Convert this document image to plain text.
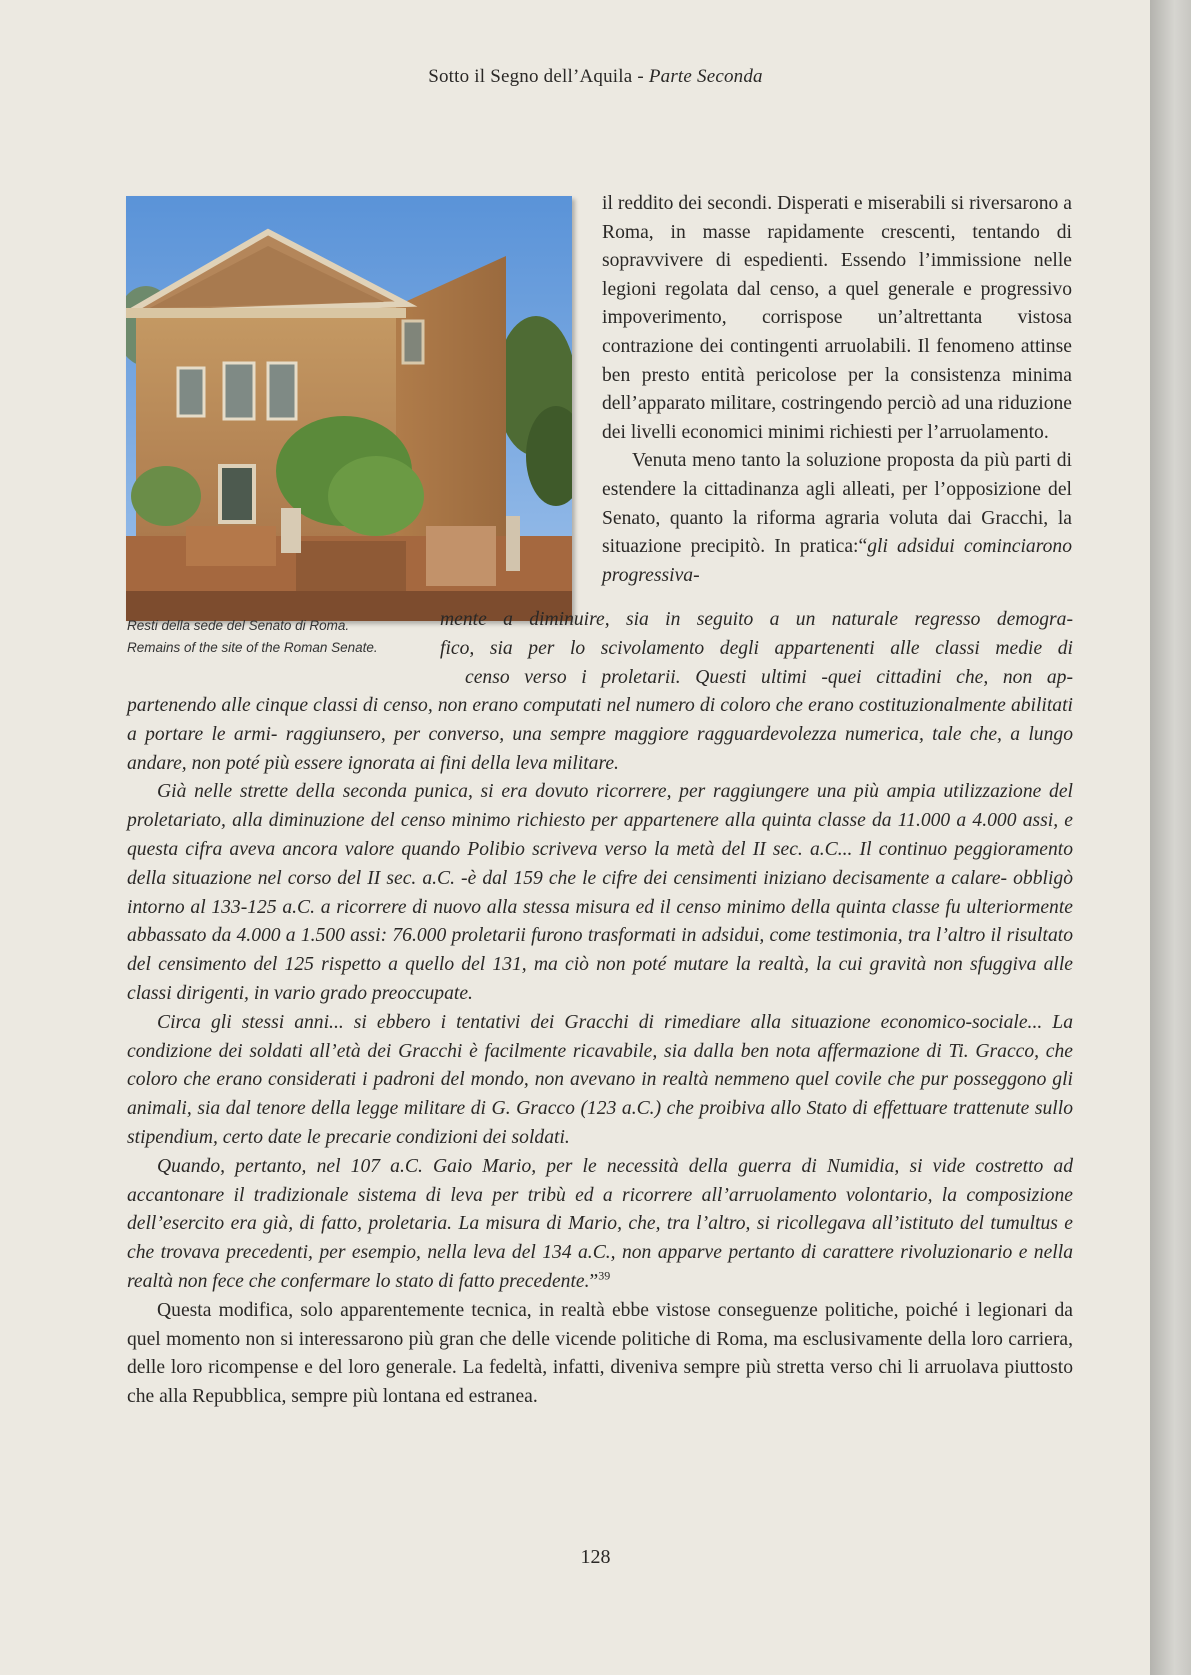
Sotto il Segno dell’Aquila - Parte Seconda
Resti della sede del Senato di Roma.
Remains of the site of the Roman Senate.

il reddito dei secondi. Disperati e miserabili si riversarono a Roma, in masse rapidamente crescenti, tentando di sopravvivere di espedienti. Essendo l’immissione nelle legioni regolata dal censo, a quel generale e progressivo impoverimento, corrispose un’altrettanta vistosa contrazione dei contingenti arruolabili. Il fenomeno attinse ben presto entità pericolose per la consistenza minima dell’apparato militare, costringendo perciò ad una riduzione dei livelli economici minimi richiesti per l’arruolamento.

Venuta meno tanto la soluzione proposta da più parti di estendere la cittadinanza agli alleati, per l’opposizione del Senato, quanto la riforma agraria voluta dai Gracchi, la situazione precipitò. In pratica:“gli adsidui cominciarono progressiva-

mente a diminuire, sia in seguito a un naturale regresso demogra-
fico, sia per lo scivolamento degli appartenenti alle classi medie di
censo verso i proletarii. Questi ultimi -quei cittadini che, non ap-

partenendo alle cinque classi di censo, non erano computati nel numero di coloro che erano costituzionalmente abilitati a portare le armi- raggiunsero, per converso, una sempre maggiore ragguardevolezza numerica, tale che, a lungo andare, non poté più essere ignorata ai fini della leva militare.

Già nelle strette della seconda punica, si era dovuto ricorrere, per raggiungere una più ampia utilizzazione del proletariato, alla diminuzione del censo minimo richiesto per appartenere alla quinta classe da 11.000 a 4.000 assi, e questa cifra aveva ancora valore quando Polibio scriveva verso la metà del II sec. a.C... Il continuo peggioramento della situazione nel corso del II sec. a.C. -è dal 159 che le cifre dei censimenti iniziano decisamente a calare- obbligò intorno al 133-125 a.C. a ricorrere di nuovo alla stessa misura ed il censo minimo della quinta classe fu ulteriormente abbassato da 4.000 a 1.500 assi: 76.000 proletarii furono trasformati in adsidui, come testimonia, tra l’altro il risultato del censimento del 125 rispetto a quello del 131, ma ciò non poté mutare la realtà, la cui gravità non sfuggiva alle classi dirigenti, in vario grado preoccupate.

Circa gli stessi anni... si ebbero i tentativi dei Gracchi di rimediare alla situazione economico-sociale... La condizione dei soldati all’età dei Gracchi è facilmente ricavabile, sia dalla ben nota affermazione di Ti. Gracco, che coloro che erano considerati i padroni del mondo, non avevano in realtà nemmeno quel covile che pur posseggono gli animali, sia dal tenore della legge militare di G. Gracco (123 a.C.) che proibiva allo Stato di effettuare trattenute sullo stipendium, certo date le precarie condizioni dei soldati.

Quando, pertanto, nel 107 a.C. Gaio Mario, per le necessità della guerra di Numidia, si vide costretto ad accantonare il tradizionale sistema di leva per tribù ed a ricorrere all’arruolamento volontario, la composizione dell’esercito era già, di fatto, proletaria. La misura di Mario, che, tra l’altro, si ricollegava all’istituto del tumultus e che trovava precedenti, per esempio, nella leva del 134 a.C., non apparve pertanto di carattere rivoluzionario e nella realtà non fece che confermare lo stato di fatto precedente.”$^{39}$

Questa modifica, solo apparentemente tecnica, in realtà ebbe vistose conseguenze politiche, poiché i legionari da quel momento non si interessarono più gran che delle vicende politiche di Roma, ma esclusivamente della loro carriera, delle loro ricompense e del loro generale. La fedeltà, infatti, diveniva sempre più stretta verso chi li arruolava piuttosto che alla Repubblica, sempre più lontana ed estranea.

128
